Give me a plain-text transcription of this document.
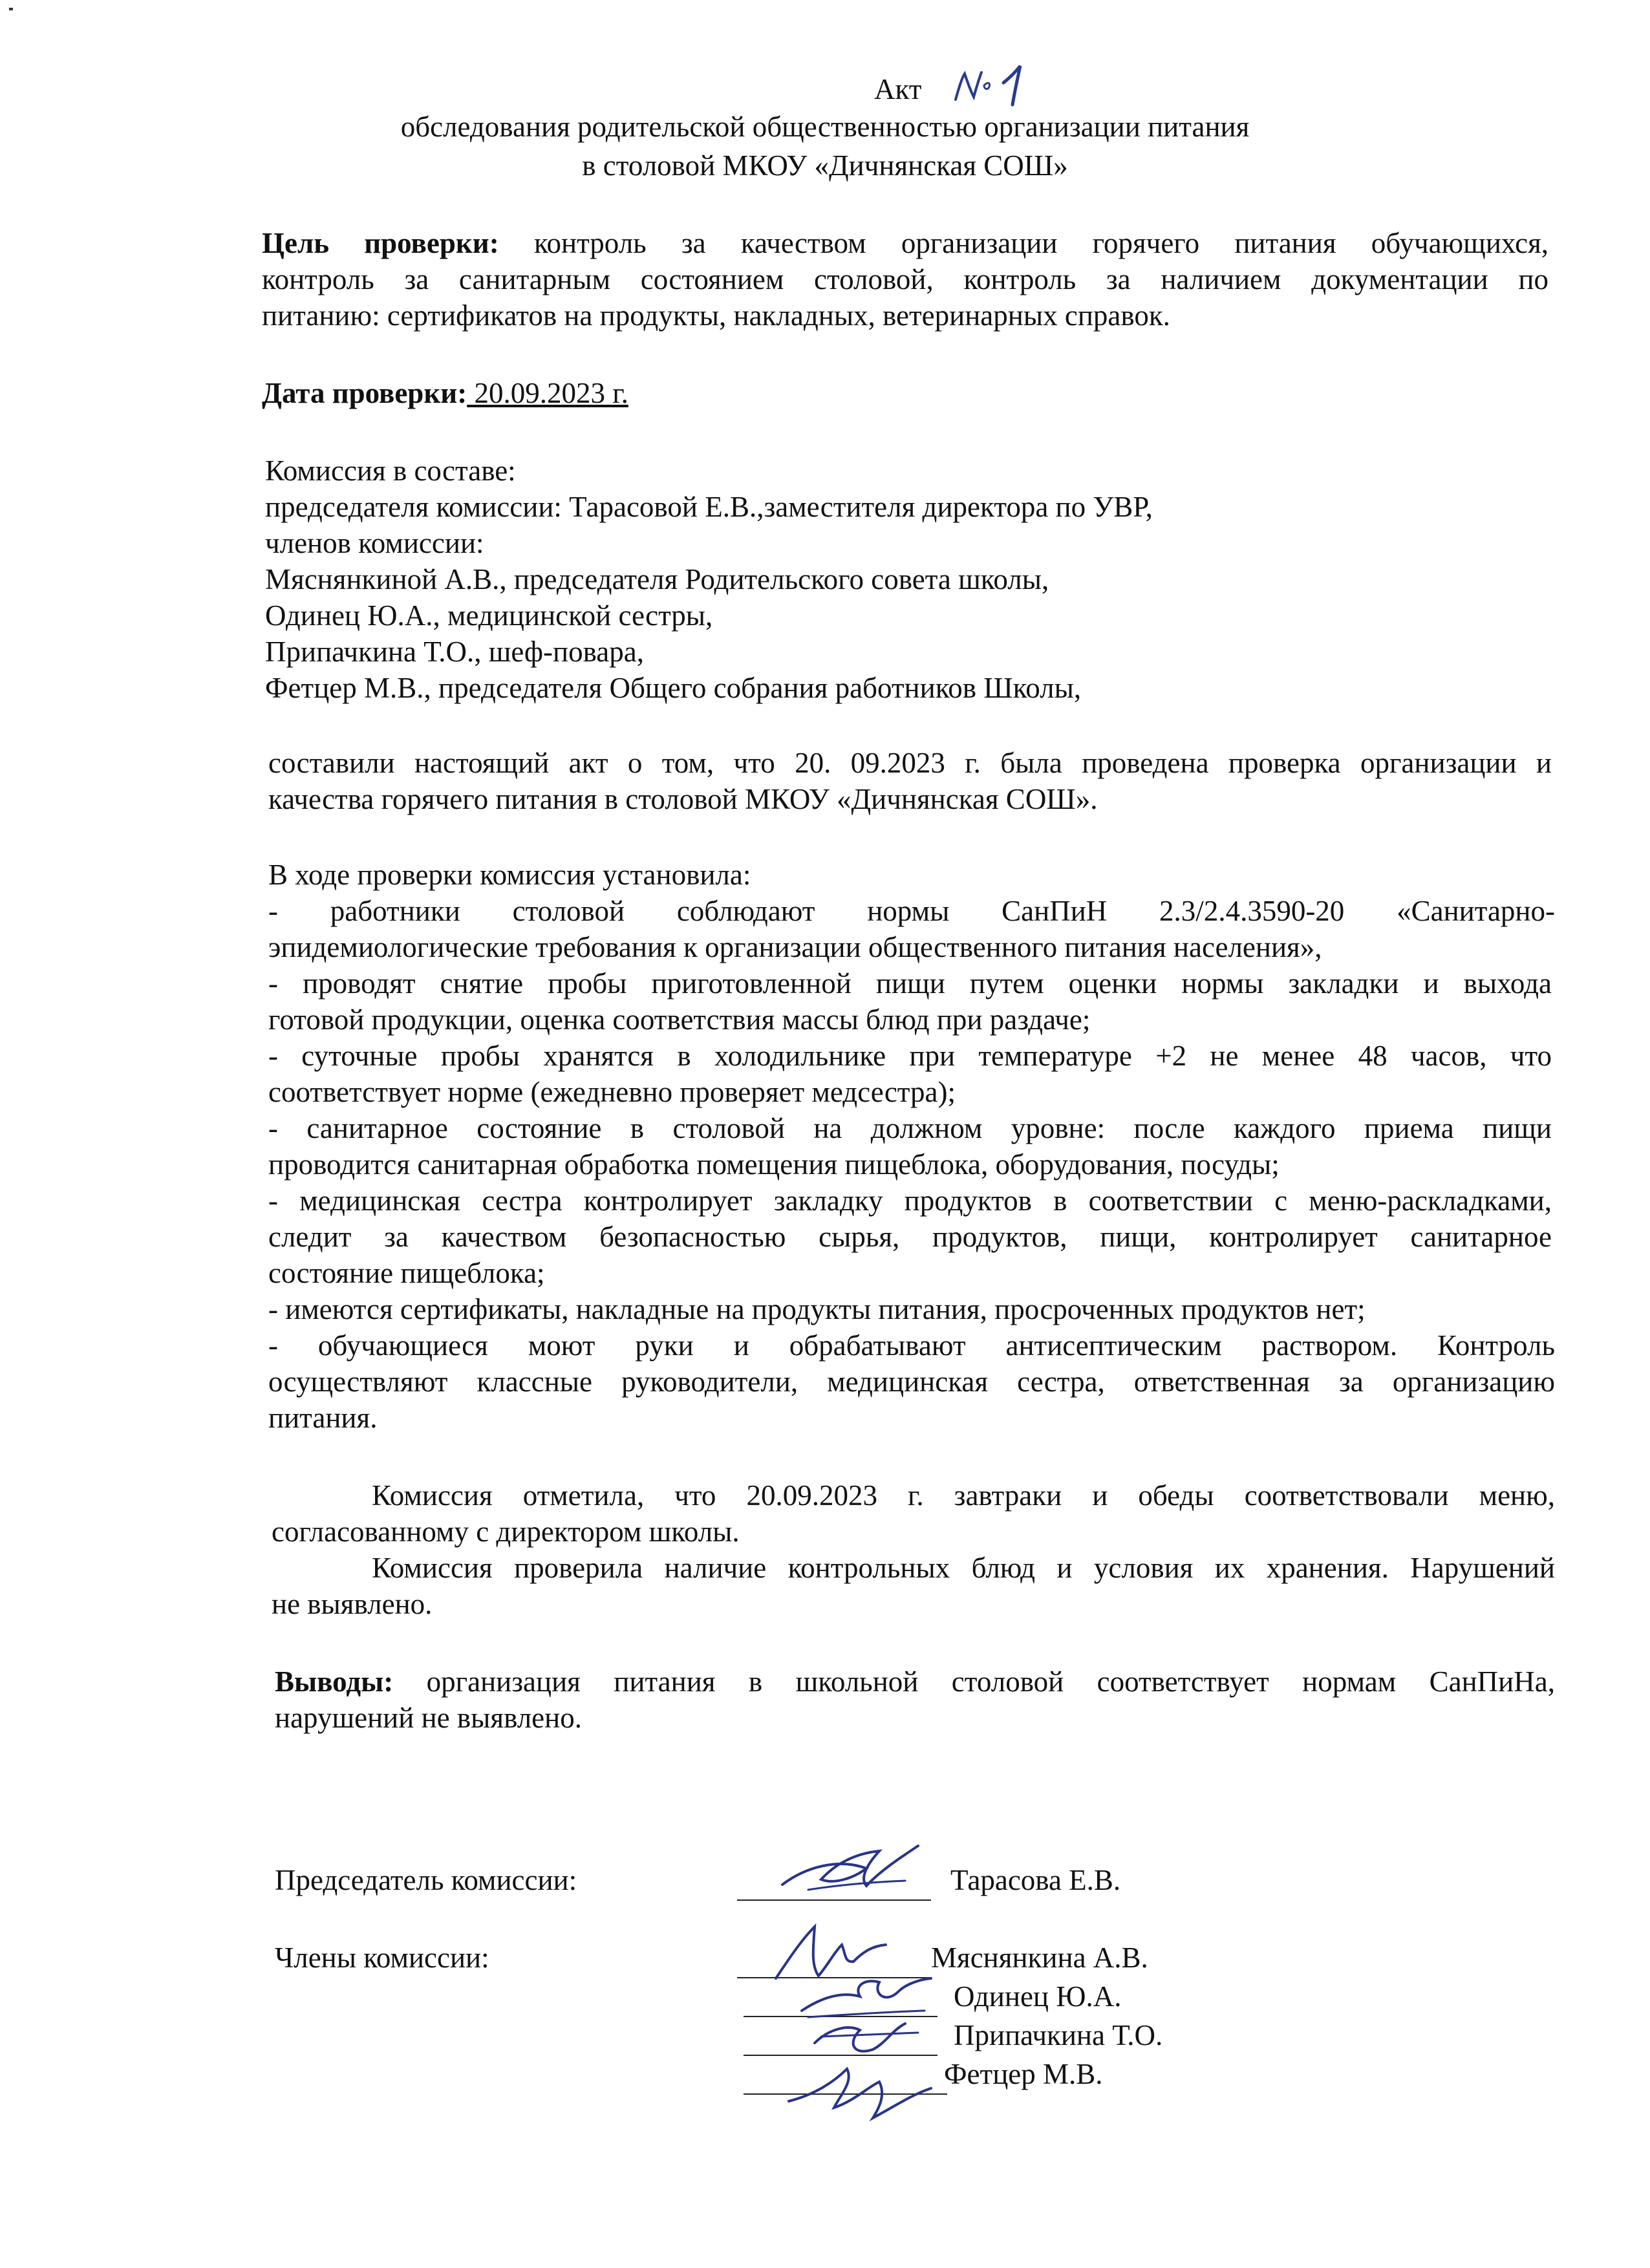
Акт
обследования родительской общественностью организации питания
в столовой МКОУ «Дичнянская СОШ»
Цель проверки: контроль за качеством организации горячего питания обучающихся,
контроль за санитарным состоянием столовой, контроль за наличием документации по
питанию: сертификатов на продукты, накладных, ветеринарных справок.
Дата проверки: 20.09.2023 г.
Комиссия в составе:
председателя комиссии: Тарасовой Е.В.,заместителя директора по УВР,
членов комиссии:
Мяснянкиной А.В., председателя Родительского совета школы,
Одинец Ю.А., медицинской сестры,
Припачкина Т.О., шеф-повара,
Фетцер М.В., председателя Общего собрания работников Школы,
составили настоящий акт о том, что 20. 09.2023 г. была проведена проверка организации и
качества горячего питания в столовой МКОУ «Дичнянская СОШ».
В ходе проверки комиссия установила:
- работники столовой соблюдают нормы СанПиН 2.3/2.4.3590-20 «Санитарно-
эпидемиологические требования к организации общественного питания населения»,
- проводят снятие пробы приготовленной пищи путем оценки нормы закладки и выхода
готовой продукции, оценка соответствия массы блюд при раздаче;
- суточные пробы хранятся в холодильнике при температуре +2 не менее 48 часов, что
соответствует норме (ежедневно проверяет медсестра);
- санитарное состояние в столовой на должном уровне: после каждого приема пищи
проводится санитарная обработка помещения пищеблока, оборудования, посуды;
- медицинская сестра контролирует закладку продуктов в соответствии с меню-раскладками,
следит за качеством безопасностью сырья, продуктов, пищи, контролирует санитарное
состояние пищеблока;
- имеются сертификаты, накладные на продукты питания, просроченных продуктов нет;
- обучающиеся моют руки и обрабатывают антисептическим раствором. Контроль
осуществляют классные руководители, медицинская сестра, ответственная за организацию
питания.
Комиссия отметила, что 20.09.2023 г. завтраки и обеды соответствовали меню,
согласованному с директором школы.
Комиссия проверила наличие контрольных блюд и условия их хранения. Нарушений
не выявлено.
Выводы: организация питания в школьной столовой соответствует нормам СанПиНа,
нарушений не выявлено.
Председатель комиссии:	Тарасова Е.В.
Члены комиссии:	Мяснянкина А.В.
Одинец Ю.А.
Припачкина Т.О.
Фетцер М.В.
